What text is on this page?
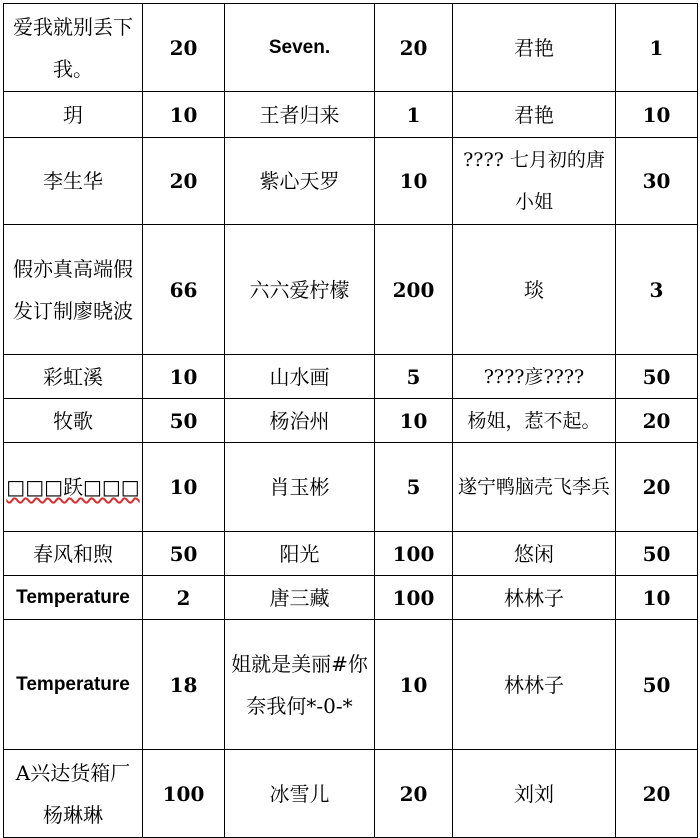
爱我就别丢下我。	20	Seven.	20	君艳	1
玥	10	王者归来	1	君艳	10
李生华	20	紫心天罗	10	???? 七月初的唐小姐	30
假亦真高端假发订制廖晓波	66	六六爱柠檬	200	琰	3
彩虹溪	10	山水画	5	????彦????	50
牧歌	50	杨治州	10	杨姐，惹不起。	20
□□□跃□□□	10	肖玉彬	5	遂宁鸭脑壳飞李兵	20
春风和煦	50	阳光	100	悠闲	50
Temperature	2	唐三藏	100	林林子	10
Temperature	18	姐就是美丽#你奈我何*-0-*	10	林林子	50
A兴达货箱厂杨琳琳	100	冰雪儿	20	刘刘	20
